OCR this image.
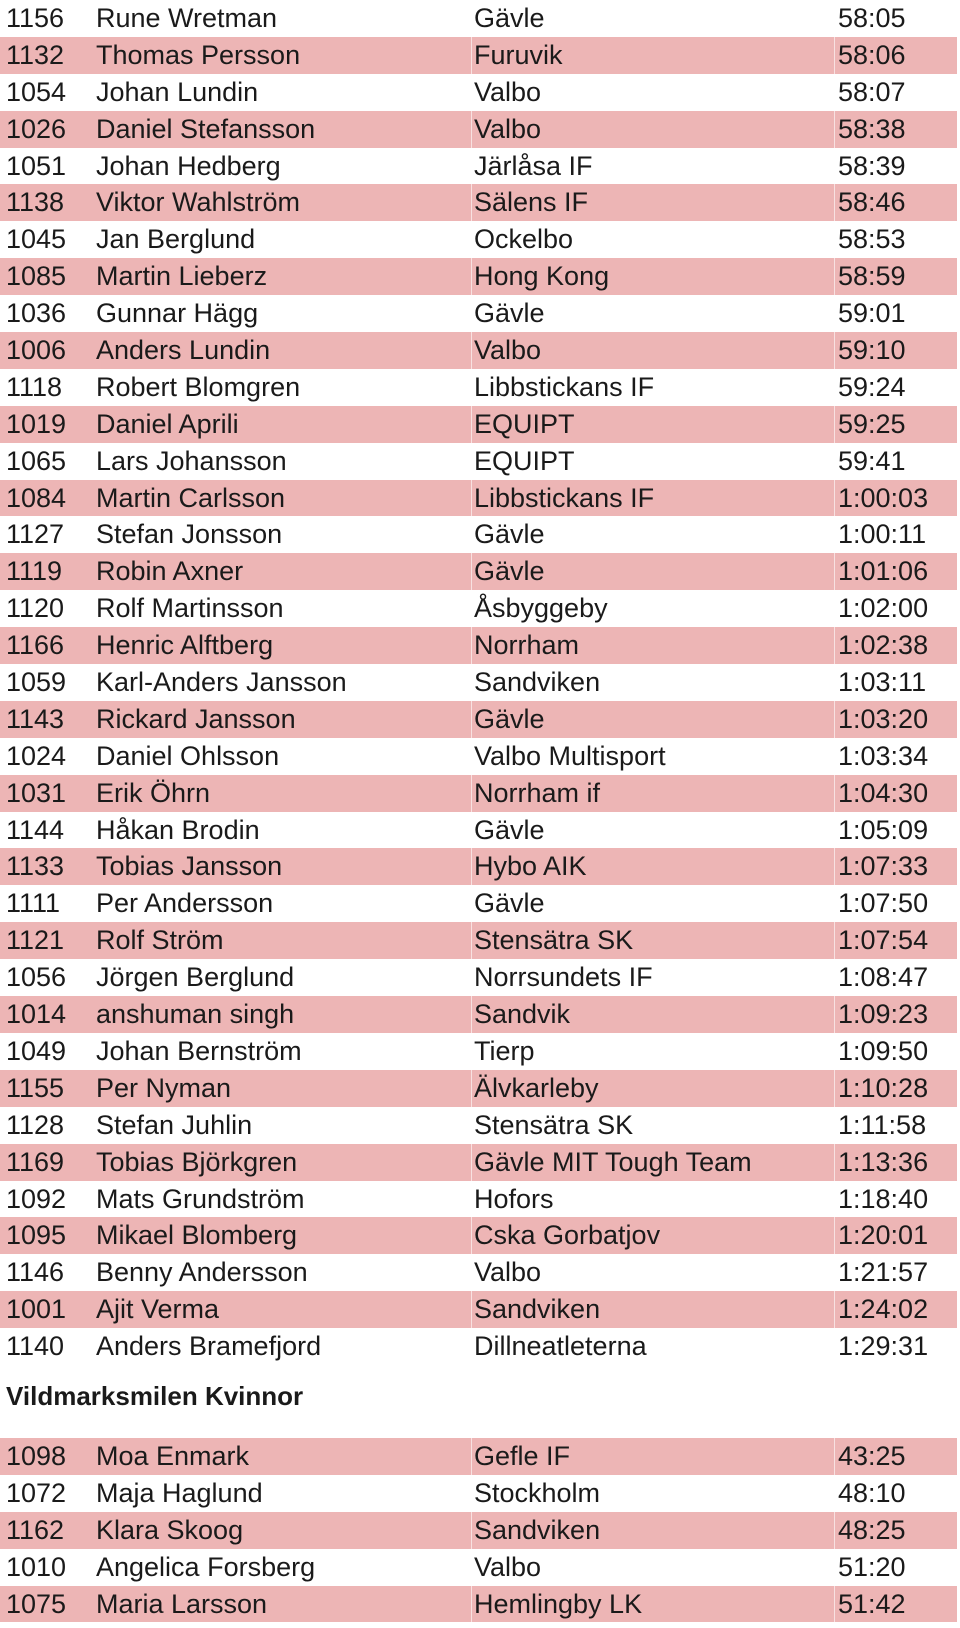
1156 Rune Wretman	Gävle	58:05
1132 Thomas Persson	Furuvik	58:06
1054 Johan Lundin	Valbo	58:07
1026 Daniel Stefansson	Valbo	58:38
1051 Johan Hedberg	Järlåsa IF	58:39
1138 Viktor Wahlström	Sälens IF	58:46
1045 Jan Berglund	Ockelbo	58:53
1085 Martin Lieberz	Hong Kong	58:59
1036 Gunnar Hägg	Gävle	59:01
1006 Anders Lundin	Valbo	59:10
1118 Robert Blomgren	Libbstickans IF	59:24
1019 Daniel Aprili	EQUIPT	59:25
1065 Lars Johansson	EQUIPT	59:41
1084 Martin Carlsson	Libbstickans IF	1:00:03
1127 Stefan Jonsson	Gävle	1:00:11
1119 Robin Axner	Gävle	1:01:06
1120 Rolf Martinsson	Åsbyggeby	1:02:00
1166 Henric Alftberg	Norrham	1:02:38
1059 Karl-Anders Jansson	Sandviken	1:03:11
1143 Rickard Jansson	Gävle	1:03:20
1024 Daniel Ohlsson	Valbo Multisport	1:03:34
1031 Erik Öhrn	Norrham if	1:04:30
1144 Håkan Brodin	Gävle	1:05:09
1133 Tobias Jansson	Hybo AIK	1:07:33
1111 Per Andersson	Gävle	1:07:50
1121 Rolf Ström	Stensätra SK	1:07:54
1056 Jörgen Berglund	Norrsundets IF	1:08:47
1014 anshuman singh	Sandvik	1:09:23
1049 Johan Bernström	Tierp	1:09:50
1155 Per Nyman	Älvkarleby	1:10:28
1128 Stefan Juhlin	Stensätra SK	1:11:58
1169 Tobias Björkgren	Gävle MIT Tough Team	1:13:36
1092 Mats Grundström	Hofors	1:18:40
1095 Mikael Blomberg	Cska Gorbatjov	1:20:01
1146 Benny Andersson	Valbo	1:21:57
1001 Ajit Verma	Sandviken	1:24:02
1140 Anders Bramefjord	Dillneatleterna	1:29:31
Vildmarksmilen Kvinnor
1098 Moa Enmark	Gefle IF	43:25
1072 Maja Haglund	Stockholm	48:10
1162 Klara Skoog	Sandviken	48:25
1010 Angelica Forsberg	Valbo	51:20
1075 Maria Larsson	Hemlingby LK	51:42
